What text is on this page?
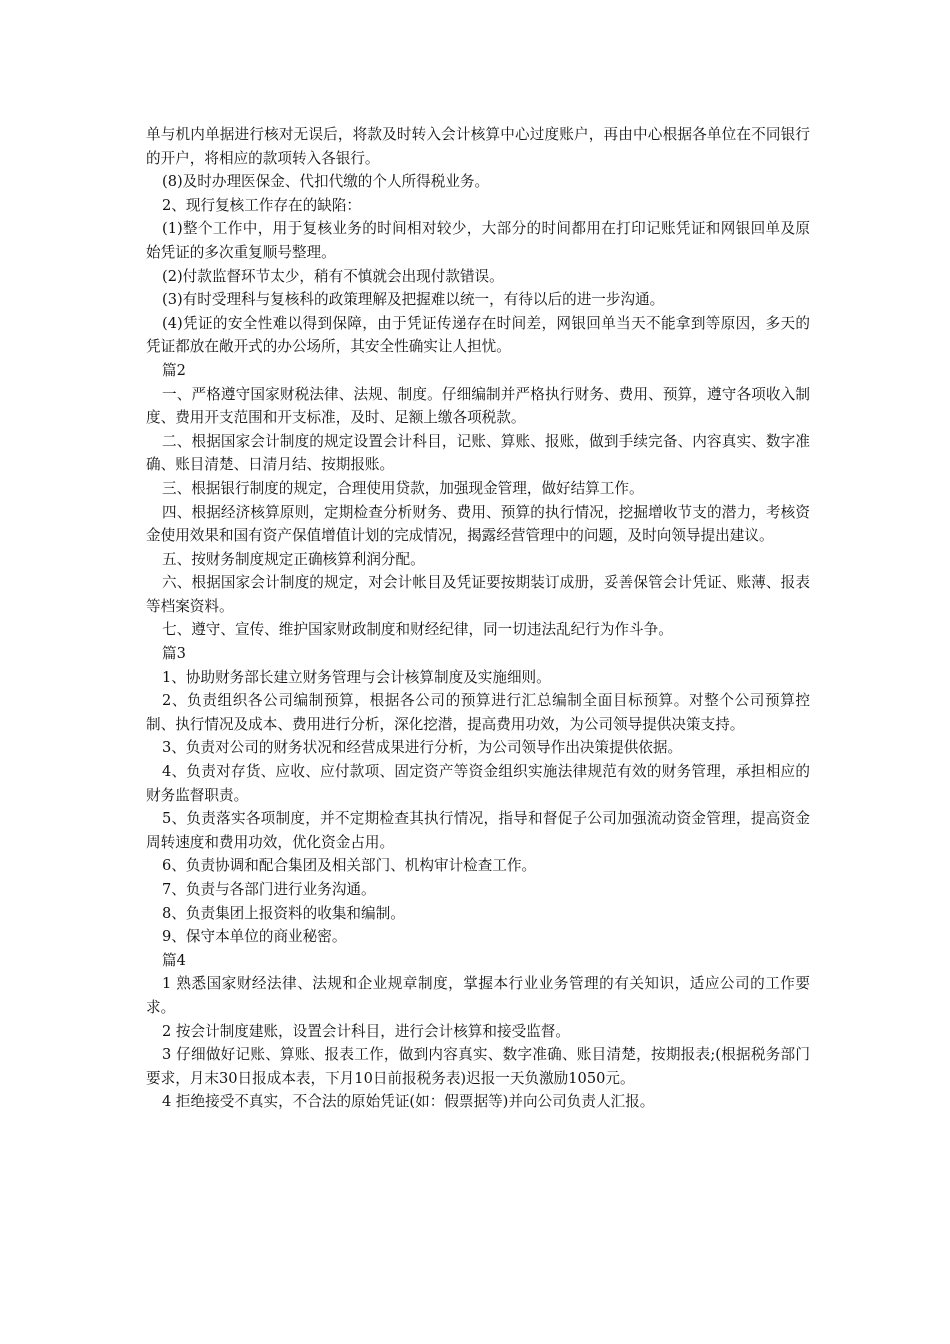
单与机内单据进行核对无误后，将款及时转入会计核算中心过度账户，再由中心根据各单位在不同银行的开户，将相应的款项转入各银行。

(8)及时办理医保金、代扣代缴的个人所得税业务。

2、现行复核工作存在的缺陷：

(1)整个工作中，用于复核业务的时间相对较少，大部分的时间都用在打印记账凭证和网银回单及原始凭证的多次重复顺号整理。

(2)付款监督环节太少，稍有不慎就会出现付款错误。

(3)有时受理科与复核科的政策理解及把握难以统一，有待以后的进一步沟通。

(4)凭证的安全性难以得到保障，由于凭证传递存在时间差，网银回单当天不能拿到等原因，多天的凭证都放在敞开式的办公场所，其安全性确实让人担忧。

篇2

一、严格遵守国家财税法律、法规、制度。仔细编制并严格执行财务、费用、预算，遵守各项收入制度、费用开支范围和开支标准，及时、足额上缴各项税款。

二、根据国家会计制度的规定设置会计科目，记账、算账、报账，做到手续完备、内容真实、数字准确、账目清楚、日清月结、按期报账。

三、根据银行制度的规定，合理使用贷款，加强现金管理，做好结算工作。

四、根据经济核算原则，定期检查分析财务、费用、预算的执行情况，挖掘增收节支的潜力，考核资金使用效果和国有资产保值增值计划的完成情况，揭露经营管理中的问题，及时向领导提出建议。

五、按财务制度规定正确核算利润分配。

六、根据国家会计制度的规定，对会计帐目及凭证要按期装订成册，妥善保管会计凭证、账薄、报表等档案资料。

七、遵守、宣传、维护国家财政制度和财经纪律，同一切违法乱纪行为作斗争。

篇3

1、协助财务部长建立财务管理与会计核算制度及实施细则。

2、负责组织各公司编制预算，根据各公司的预算进行汇总编制全面目标预算。对整个公司预算控制、执行情况及成本、费用进行分析，深化挖潜，提高费用功效，为公司领导提供决策支持。

3、负责对公司的财务状况和经营成果进行分析，为公司领导作出决策提供依据。

4、负责对存货、应收、应付款项、固定资产等资金组织实施法律规范有效的财务管理，承担相应的财务监督职责。

5、负责落实各项制度，并不定期检查其执行情况，指导和督促子公司加强流动资金管理，提高资金周转速度和费用功效，优化资金占用。

6、负责协调和配合集团及相关部门、机构审计检查工作。

7、负责与各部门进行业务沟通。

8、负责集团上报资料的收集和编制。

9、保守本单位的商业秘密。

篇4

1 熟悉国家财经法律、法规和企业规章制度，掌握本行业业务管理的有关知识，适应公司的工作要求。

2 按会计制度建账，设置会计科目，进行会计核算和接受监督。

3 仔细做好记账、算账、报表工作，做到内容真实、数字准确、账目清楚，按期报表;(根据税务部门要求，月末30日报成本表，下月10日前报税务表)迟报一天负激励1050元。

4 拒绝接受不真实，不合法的原始凭证(如：假票据等)并向公司负责人汇报。
